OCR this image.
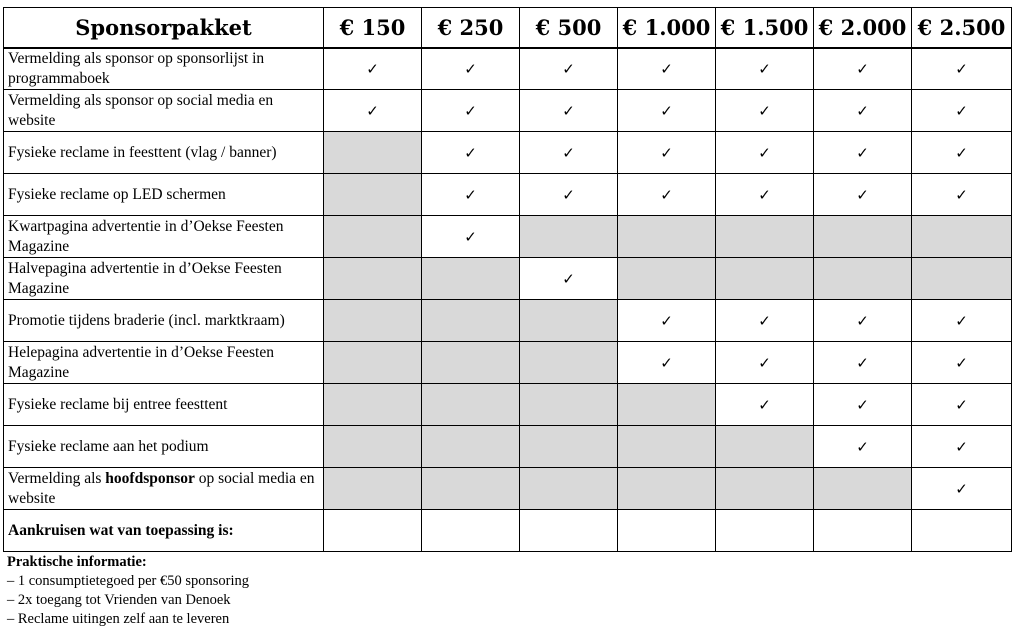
Sponsorpakket	€ 150	€ 250	€ 500	€ 1.000	€ 1.500	€ 2.000	€ 2.500
Vermelding als sponsor op sponsorlijst in programmaboek	✓	✓	✓	✓	✓	✓	✓
Vermelding als sponsor op social media en website	✓	✓	✓	✓	✓	✓	✓
Fysieke reclame in feesttent (vlag / banner)		✓	✓	✓	✓	✓	✓
Fysieke reclame op LED schermen		✓	✓	✓	✓	✓	✓
Kwartpagina advertentie in d’Oekse Feesten Magazine		✓					
Halvepagina advertentie in d’Oekse Feesten Magazine			✓				
Promotie tijdens braderie (incl. marktkraam)				✓	✓	✓	✓
Helepagina advertentie in d’Oekse Feesten Magazine				✓	✓	✓	✓
Fysieke reclame bij entree feesttent					✓	✓	✓
Fysieke reclame aan het podium						✓	✓
Vermelding als hoofdsponsor op social media en website							✓
Aankruisen wat van toepassing is:							
Praktische informatie:
– 1 consumptietegoed per €50 sponsoring
– 2x toegang tot Vrienden van Denoek
– Reclame uitingen zelf aan te leveren
